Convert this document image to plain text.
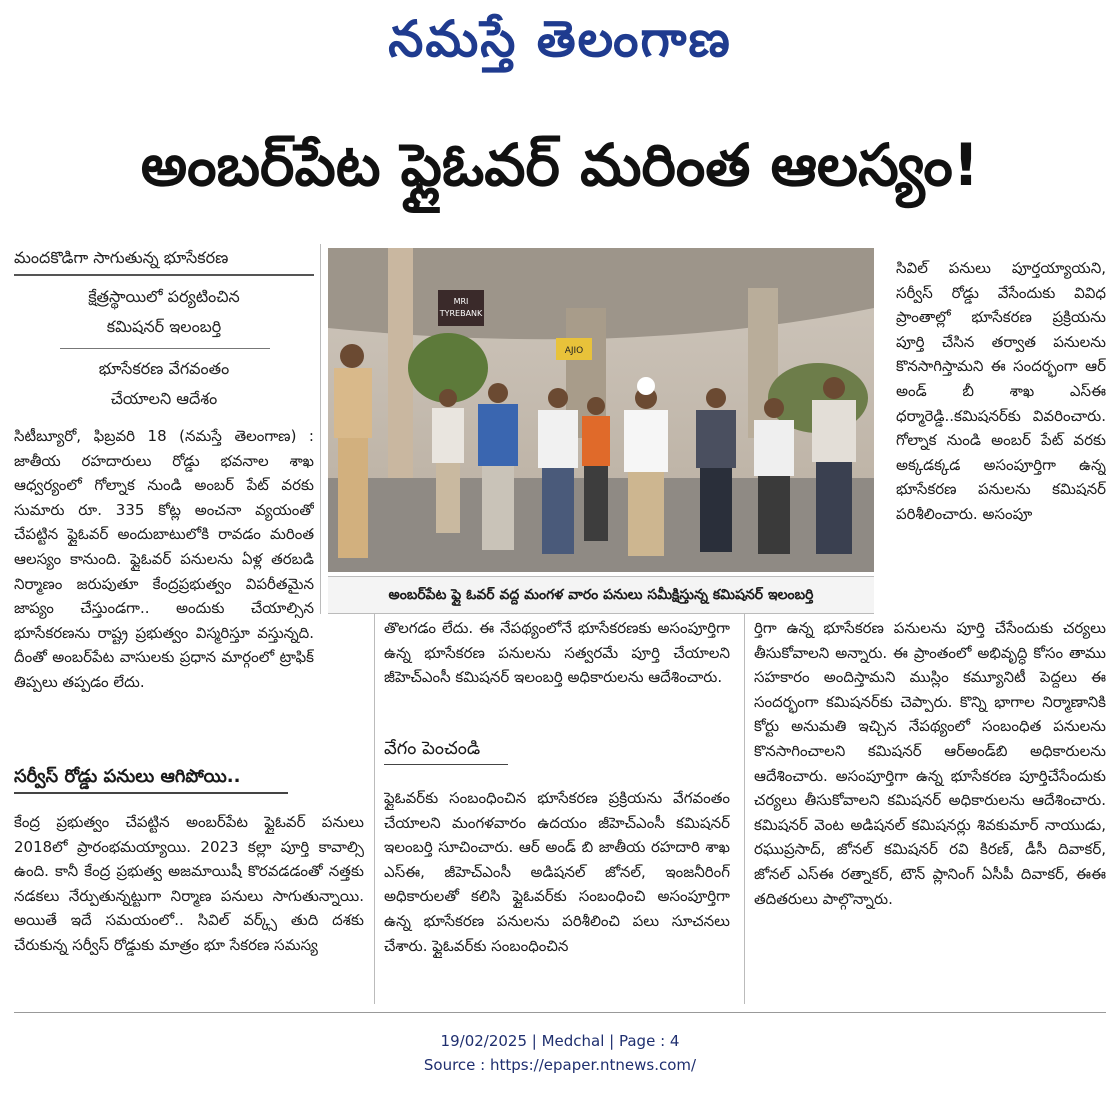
నమస్తే తెలంగాణ
అంబర్‌పేట ఫ్లైఓవర్‌ మరింత ఆలస్యం!
మందకొడిగా సాగుతున్న భూసేకరణ
క్షేత్రస్థాయిలో పర్యటించిన
కమిషనర్‌ ఇలంబర్తి
భూసేకరణ వేగవంతం
చేయాలని ఆదేశం
MRI
TYREBANK
AJIO
అంబర్‌పేట ఫ్లై ఓవర్‌ వద్ద మంగళ వారం పనులు సమీక్షిస్తున్న కమిషనర్‌ ఇలంబర్తి

సిటీబ్యూరో, ఫిబ్రవరి 18 (నమస్తే తెలంగాణ) : జాతీయ రహదారులు రోడ్డు భవనాల శాఖ ఆధ్వర్యంలో గోల్నాక నుండి అంబర్‌ పేట్‌ వరకు సుమారు రూ. 335 కోట్ల అంచనా వ్యయంతో చేపట్టిన ఫ్లైఓవర్‌ అందుబాటులోకి రావడం మరింత ఆలస్యం కానుంది. ఫ్లైఓవర్‌ పనులను ఏళ్ల తరబడి నిర్మాణం జరుపుతూ కేంద్రప్రభుత్వం విపరీతమైన జాప్యం చేస్తుండగా.. అందుకు చేయాల్సిన భూసేకరణను రాష్ట్ర ప్రభుత్వం విస్మరిస్తూ వస్తున్నది. దీంతో అంబర్‌పేట వాసులకు ప్రధాన మార్గంలో ట్రాఫిక్‌ తిప్పలు తప్పడం లేదు.

సర్వీస్‌ రోడ్డు పనులు ఆగిపోయి..

కేంద్ర ప్రభుత్వం చేపట్టిన అంబర్‌పేట ఫ్లైఓవర్‌ పనులు 2018లో ప్రారంభమయ్యాయి. 2023 కల్లా పూర్తి కావాల్సి ఉంది. కానీ కేంద్ర ప్రభుత్వ అజమాయిషీ కొరవడడంతో నత్తకు నడకలు నేర్పుతున్నట్టుగా నిర్మాణ పనులు సాగుతున్నాయి. అయితే ఇదే సమయంలో.. సివిల్‌ వర్క్స్‌ తుది దశకు చేరుకున్న సర్వీస్‌ రోడ్డుకు మాత్రం భూ సేకరణ సమస్య

తొలగడం లేదు. ఈ నేపథ్యంలోనే భూసేకరణకు అసంపూర్తిగా ఉన్న భూసేకరణ పనులను సత్వరమే పూర్తి చేయాలని జీహెచ్‌ఎంసీ కమిషనర్‌ ఇలంబర్తి అధికారులను ఆదేశించారు.

వేగం పెంచండి

ఫ్లైఓవర్‌కు సంబంధించిన భూసేకరణ ప్రక్రియను వేగవంతం చేయాలని మంగళవారం ఉదయం జీహెచ్‌ఎంసీ కమిషనర్‌ ఇలంబర్తి సూచించారు. ఆర్‌ అండ్‌ బి జాతీయ రహదారి శాఖ ఎస్‌ఈ, జీహెచ్‌ఎంసీ అడిషనల్‌ జోనల్‌, ఇంజనీరింగ్‌ అధికారులతో కలిసి ఫ్లైఓవర్‌కు సంబంధించి అసంపూర్తిగా ఉన్న భూసేకరణ పనులను పరిశీలించి పలు సూచనలు చేశారు. ఫ్లైఓవర్‌కు సంబంధించిన

సివిల్‌ పనులు పూర్తయ్యాయని, సర్వీస్‌ రోడ్డు వేసేందుకు వివిధ ప్రాంతాల్లో భూసేకరణ ప్రక్రియను పూర్తి చేసిన తర్వాత పనులను కొనసాగిస్తామని ఈ సందర్భంగా ఆర్‌ అండ్‌ బీ శాఖ ఎస్‌ఈ ధర్మారెడ్డి..కమిషనర్‌కు వివరించారు. గోల్నాక నుండి అంబర్‌ పేట్‌ వరకు అక్కడక్కడ అసంపూర్తిగా ఉన్న భూసేకరణ పనులను కమిషనర్‌ పరిశీలించారు. అసంపూ

ర్తిగా ఉన్న భూసేకరణ పనులను పూర్తి చేసేందుకు చర్యలు తీసుకోవాలని అన్నారు. ఈ ప్రాంతంలో అభివృద్ధి కోసం తాము సహకారం అందిస్తామని ముస్లిం కమ్యూనిటీ పెద్దలు ఈ సందర్భంగా కమిషనర్‌కు చెప్పారు. కొన్ని భాగాల నిర్మాణానికి కోర్టు అనుమతి ఇచ్చిన నేపథ్యంలో సంబంధిత పనులను కొనసాగించాలని కమిషనర్‌ ఆర్‌అండ్‌బి అధికారులను ఆదేశించారు. అసంపూర్తిగా ఉన్న భూసేకరణ పూర్తిచేసేందుకు చర్యలు తీసుకోవాలని కమిషనర్‌ అధికారులను ఆదేశించారు. కమిషనర్‌ వెంట అడిషనల్‌ కమిషనర్లు శివకుమార్‌ నాయుడు, రఘుప్రసాద్‌, జోనల్‌ కమిషనర్‌ రవి కిరణ్‌, డీసీ దివాకర్‌, జోనల్‌ ఎస్‌ఈ రత్నాకర్‌, టౌన్‌ ప్లానింగ్‌ ఏసీపీ దివాకర్‌, ఈఈ తదితరులు పాల్గొన్నారు.

19/02/2025 | Medchal | Page : 4
Source : https://epaper.ntnews.com/
